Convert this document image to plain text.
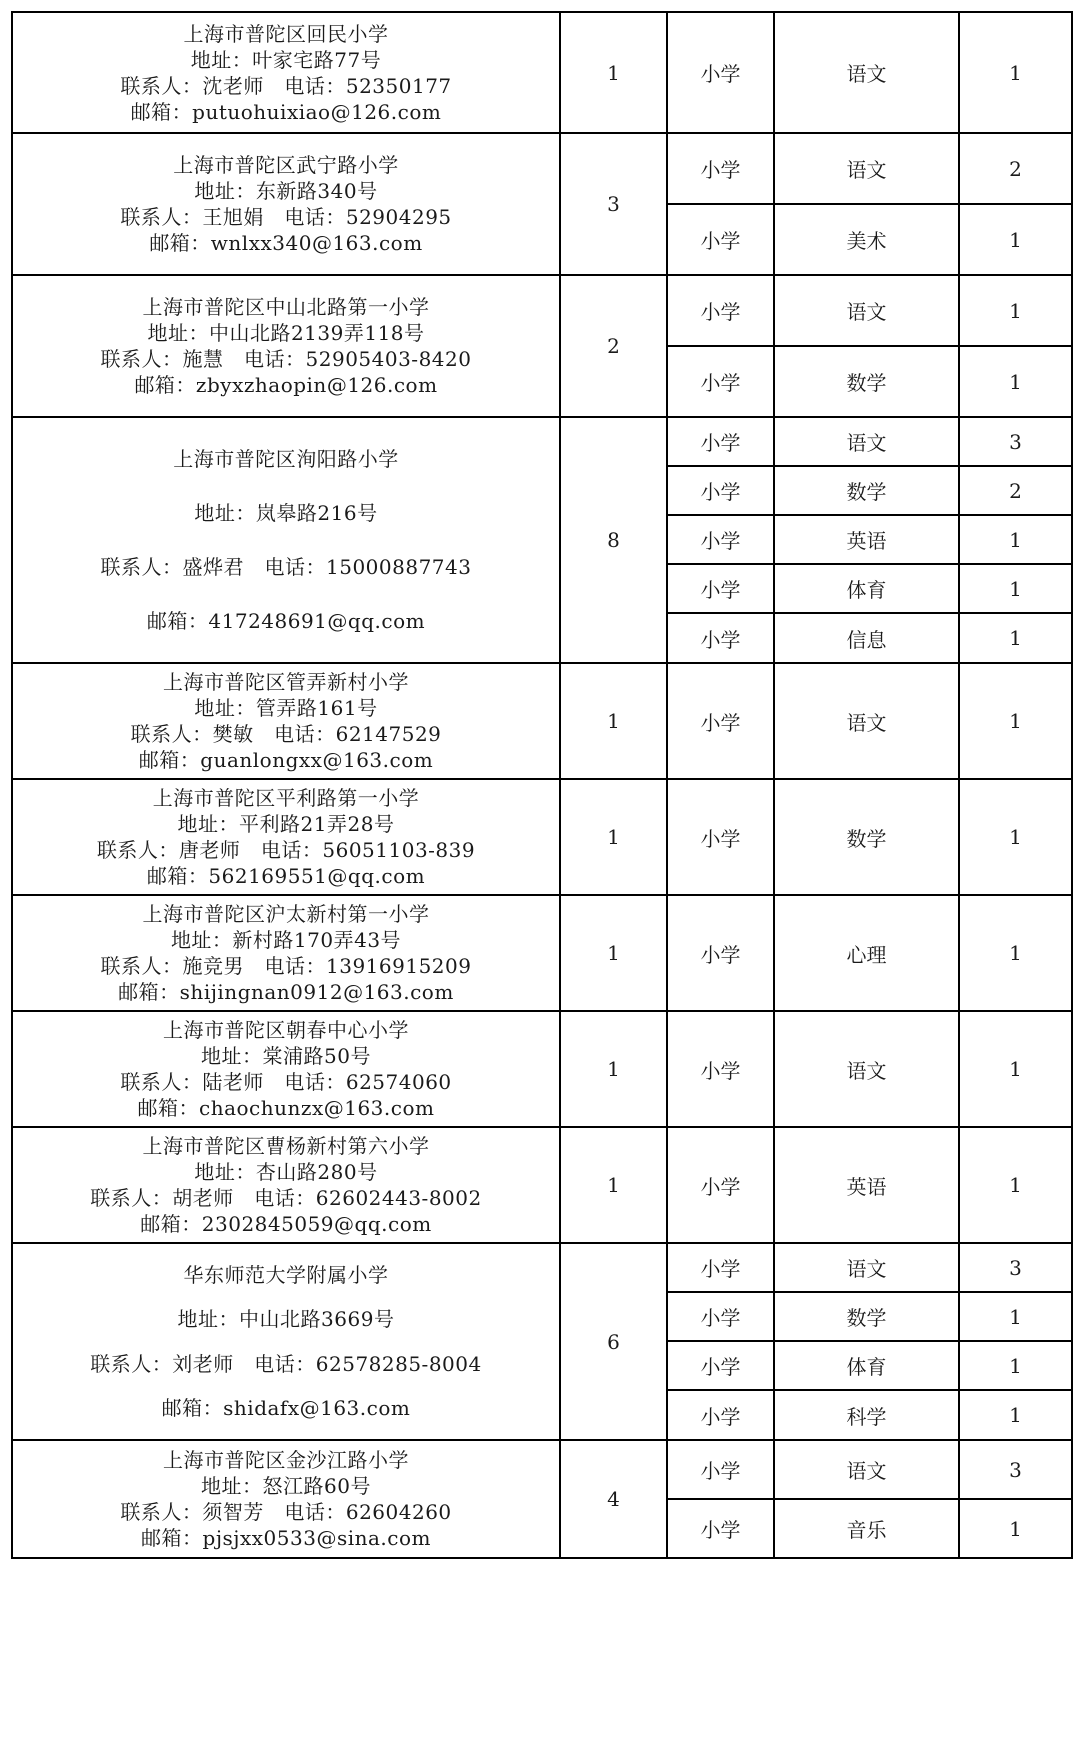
上海市普陀区回民小学
地址：叶家宅路77号
联系人：沈老师　电话：52350177
邮箱：putuohuixiao@126.com	1	小学	语文	1

上海市普陀区武宁路小学
地址：东新路340号
联系人：王旭娟　电话：52904295
邮箱：wnlxx340@163.com	3	小学	语文	2
		小学	美术	1

上海市普陀区中山北路第一小学
地址：中山北路2139弄118号
联系人：施慧　电话：52905403-8420
邮箱：zbyxzhaopin@126.com	2	小学	语文	1
		小学	数学	1

上海市普陀区洵阳路小学
地址：岚皋路216号
联系人：盛烨君　电话：15000887743
邮箱：417248691@qq.com	8	小学	语文	3
		小学	数学	2
		小学	英语	1
		小学	体育	1
		小学	信息	1

上海市普陀区管弄新村小学
地址：管弄路161号
联系人：樊敏　电话：62147529
邮箱：guanlongxx@163.com	1	小学	语文	1

上海市普陀区平利路第一小学
地址：平利路21弄28号
联系人：唐老师　电话：56051103-839
邮箱：562169551@qq.com	1	小学	数学	1

上海市普陀区沪太新村第一小学
地址：新村路170弄43号
联系人：施竞男　电话：13916915209
邮箱：shijingnan0912@163.com	1	小学	心理	1

上海市普陀区朝春中心小学
地址：棠浦路50号
联系人：陆老师　电话：62574060
邮箱：chaochunzx@163.com	1	小学	语文	1

上海市普陀区曹杨新村第六小学
地址：杏山路280号
联系人：胡老师　电话：62602443-8002
邮箱：2302845059@qq.com	1	小学	英语	1

华东师范大学附属小学
地址：中山北路3669号
联系人：刘老师　电话：62578285-8004
邮箱：shidafx@163.com	6	小学	语文	3
		小学	数学	1
		小学	体育	1
		小学	科学	1

上海市普陀区金沙江路小学
地址：怒江路60号
联系人：须智芳　电话：62604260
邮箱：pjsjxx0533@sina.com	4	小学	语文	3
		小学	音乐	1
